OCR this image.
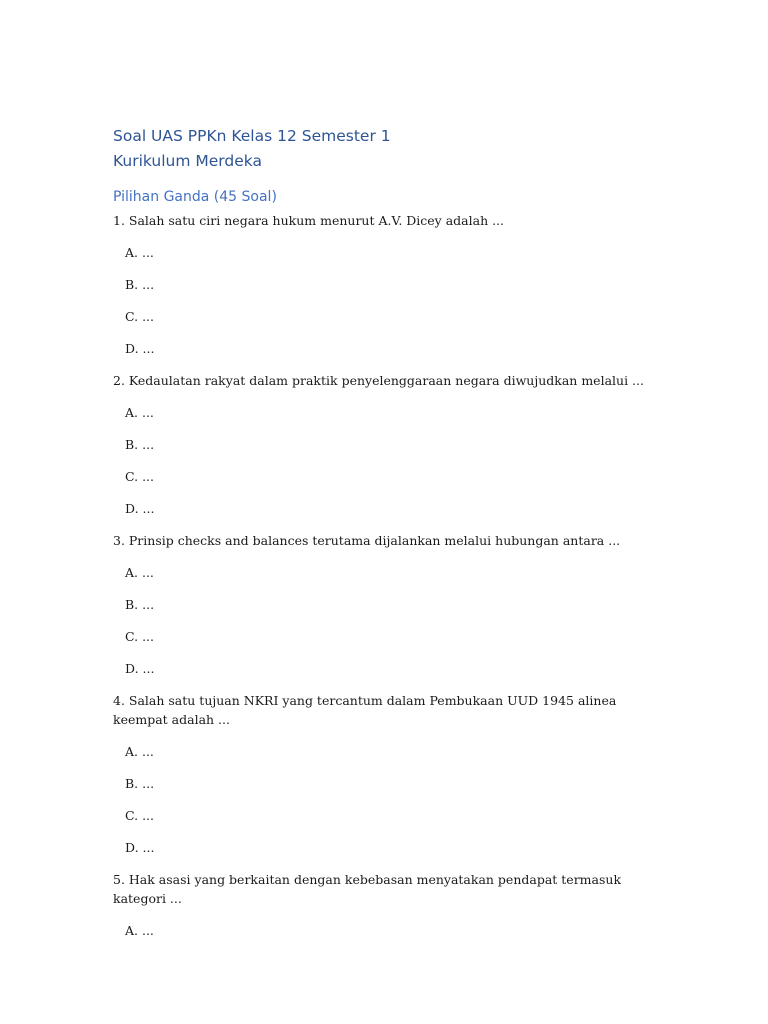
Soal UAS PPKn Kelas 12 Semester 1
Kurikulum Merdeka
Pilihan Ganda (45 Soal)

1. Salah satu ciri negara hukum menurut A.V. Dicey adalah ...

A. ...
B. ...
C. ...
D. ...

2. Kedaulatan rakyat dalam praktik penyelenggaraan negara diwujudkan melalui ...

A. ...
B. ...
C. ...
D. ...

3. Prinsip checks and balances terutama dijalankan melalui hubungan antara ...

A. ...
B. ...
C. ...
D. ...

4. Salah satu tujuan NKRI yang tercantum dalam Pembukaan UUD 1945 alinea keempat adalah ...

A. ...
B. ...
C. ...
D. ...

5. Hak asasi yang berkaitan dengan kebebasan menyatakan pendapat termasuk kategori ...

A. ...
